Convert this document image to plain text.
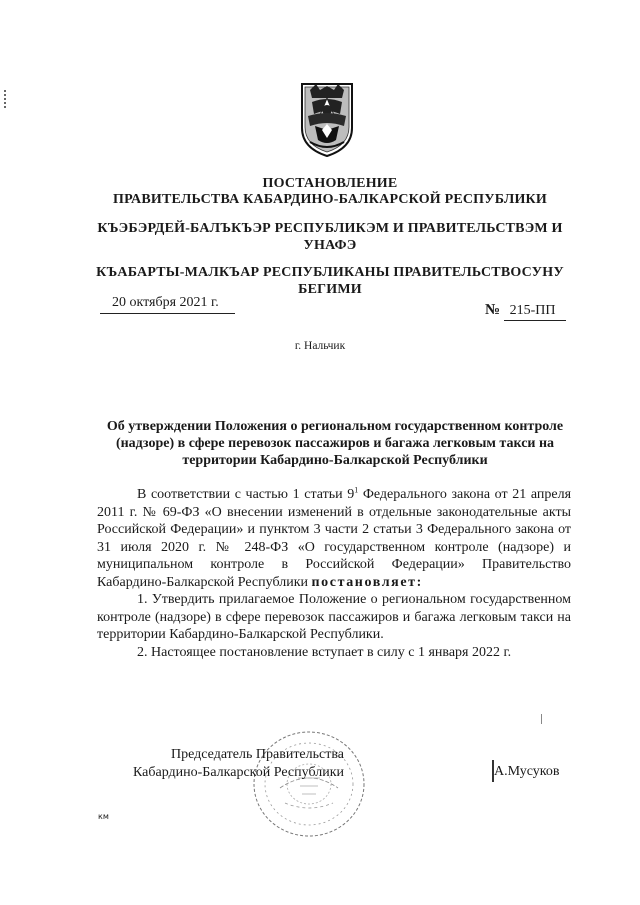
ПОСТАНОВЛЕНИЕ
ПРАВИТЕЛЬСТВА КАБАРДИНО-БАЛКАРСКОЙ РЕСПУБЛИКИ
КЪЭБЭРДЕЙ-БАЛЪКЪЭР РЕСПУБЛИКЭМ И ПРАВИТЕЛЬСТВЭМ И УНАФЭ
КЪАБАРТЫ-МАЛКЪАР РЕСПУБЛИКАНЫ ПРАВИТЕЛЬСТВОСУНУ БЕГИМИ
20 октября 2021 г.	№ 215-ПП
г. Нальчик
Об утверждении Положения о региональном государственном контроле (надзоре) в сфере перевозок пассажиров и багажа легковым такси на территории Кабардино-Балкарской Республики

В соответствии с частью 1 статьи $9^1$ Федерального закона от 21 апреля 2011 г. № 69-ФЗ «О внесении изменений в отдельные законодательные акты Российской Федерации» и пунктом 3 части 2 статьи 3 Федерального закона от 31 июля 2020 г. № 248-ФЗ «О государственном контроле (надзоре) и муниципальном контроле в Российской Федерации» Правительство Кабардино-Балкарской Республики постановляет:

1. Утвердить прилагаемое Положение о региональном государственном контроле (надзоре) в сфере перевозок пассажиров и багажа легковым такси на территории Кабардино-Балкарской Республики.

2. Настоящее постановление вступает в силу с 1 января 2022 г.

Председатель Правительства
Кабардино-Балкарской Республики	А.Мусуков
км
